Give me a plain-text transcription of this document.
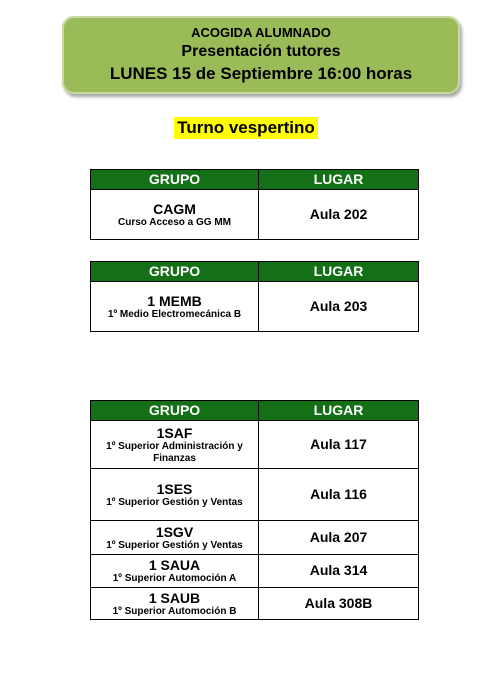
ACOGIDA ALUMNADO
Presentación tutores
LUNES 15 de Septiembre 16:00 horas
Turno vespertino
GRUPO	LUGAR

CAGM
Curso Acceso a GG MM	Aula 202
GRUPO	LUGAR

1 MEMB
1º Medio Electromecánica B	Aula 203
GRUPO	LUGAR

1SAF
1º Superior Administración y Finanzas	Aula 117

1SES
1º Superior Gestión y Ventas	Aula 116

1SGV
1º Superior Gestión y Ventas	Aula 207

1 SAUA
1º Superior Automoción A	Aula 314

1 SAUB
1º Superior Automoción B	Aula 308B
